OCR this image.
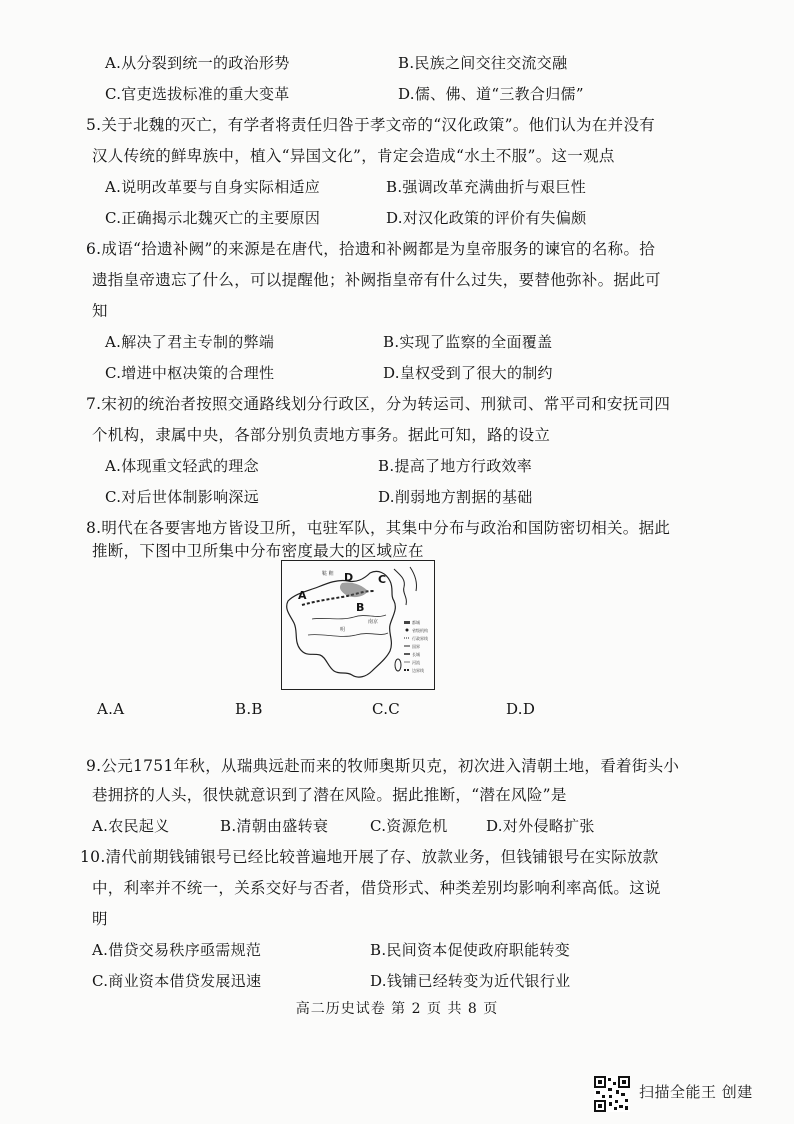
A.从分裂到统一的政治形势	B.民族之间交往交流交融
C.官吏选拔标准的重大变革	D.儒、佛、道“三教合归儒”
5.关于北魏的灭亡，有学者将责任归咎于孝文帝的“汉化政策”。他们认为在并没有
汉人传统的鲜卑族中，植入“异国文化”，肯定会造成“水土不服”。这一观点
A.说明改革要与自身实际相适应	B.强调改革充满曲折与艰巨性
C.正确揭示北魏灭亡的主要原因	D.对汉化政策的评价有失偏颇
6.成语“拾遗补阙”的来源是在唐代，拾遗和补阙都是为皇帝服务的谏官的名称。拾
遗指皇帝遗忘了什么，可以提醒他；补阙指皇帝有什么过失，要替他弥补。据此可
知
A.解决了君主专制的弊端	B.实现了监察的全面覆盖
C.增进中枢决策的合理性	D.皇权受到了很大的制约
7.宋初的统治者按照交通路线划分行政区，分为转运司、刑狱司、常平司和安抚司四
个机构，隶属中央，各部分别负责地方事务。据此可知，路的设立
A.体现重文轻武的理念	B.提高了地方行政效率
C.对后世体制影响深远	D.削弱地方割据的基础
8.明代在各要害地方皆设卫所，屯驻军队，其集中分布与政治和国防密切相关。据此
推断，下图中卫所集中分布密度最大的区域应在
鞑 靼
明
南京	都城
省级机构
行政界线
国界
长城
河流
边界线
D
A
B
C
A.A	B.B	C.C	D.D
9.公元1751年秋，从瑞典远赴而来的牧师奥斯贝克，初次进入清朝土地，看着街头小
巷拥挤的人头，很快就意识到了潜在风险。据此推断，“潜在风险”是
A.农民起义	B.清朝由盛转衰	C.资源危机	D.对外侵略扩张
10.清代前期钱铺银号已经比较普遍地开展了存、放款业务，但钱铺银号在实际放款
中，利率并不统一，关系交好与否者，借贷形式、种类差别均影响利率高低。这说
明
A.借贷交易秩序亟需规范	B.民间资本促使政府职能转变
C.商业资本借贷发展迅速	D.钱铺已经转变为近代银行业
高二历史试卷 第 2 页 共 8 页
扫描全能王 创建
